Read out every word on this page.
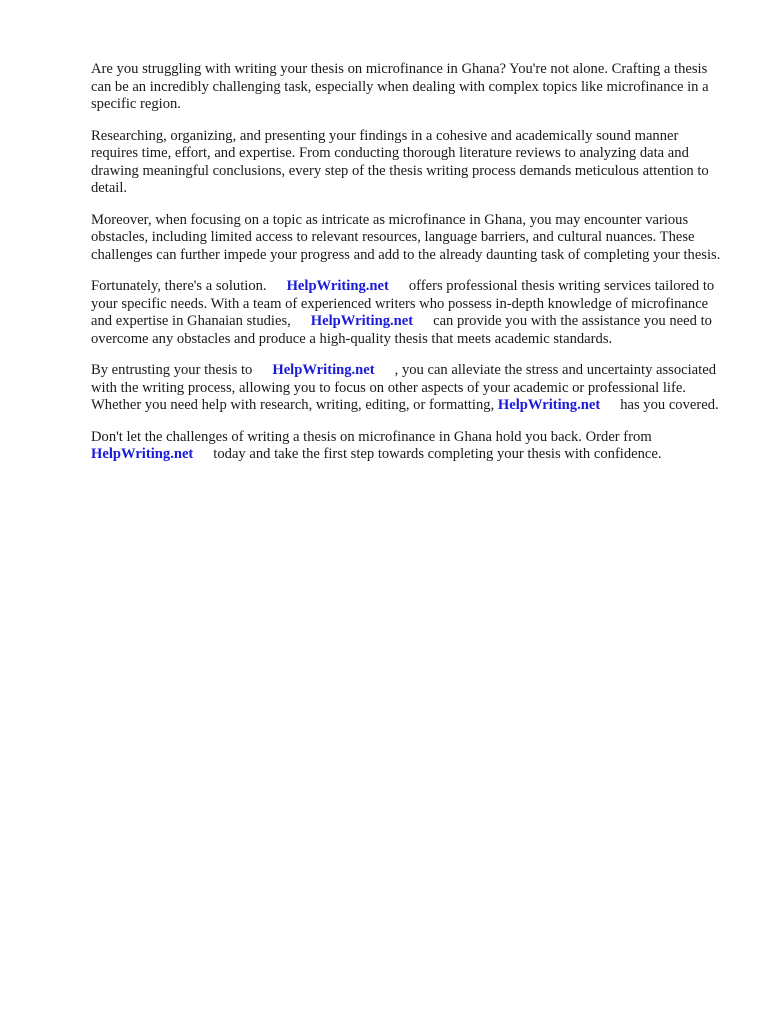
Are you struggling with writing your thesis on microfinance in Ghana? You're not alone. Crafting a thesis can be an incredibly challenging task, especially when dealing with complex topics like microfinance in a specific region.

Researching, organizing, and presenting your findings in a cohesive and academically sound manner requires time, effort, and expertise. From conducting thorough literature reviews to analyzing data and drawing meaningful conclusions, every step of the thesis writing process demands meticulous attention to detail.

Moreover, when focusing on a topic as intricate as microfinance in Ghana, you may encounter various obstacles, including limited access to relevant resources, language barriers, and cultural nuances. These challenges can further impede your progress and add to the already daunting task of completing your thesis.

Fortunately, there's a solution. HelpWriting.net offers professional thesis writing services tailored to your specific needs. With a team of experienced writers who possess in-depth knowledge of microfinance and expertise in Ghanaian studies, HelpWriting.net can provide you with the assistance you need to overcome any obstacles and produce a high-quality thesis that meets academic standards.

By entrusting your thesis to HelpWriting.net , you can alleviate the stress and uncertainty associated with the writing process, allowing you to focus on other aspects of your academic or professional life. Whether you need help with research, writing, editing, or formatting, HelpWriting.net has you covered.

Don't let the challenges of writing a thesis on microfinance in Ghana hold you back. Order from HelpWriting.net today and take the first step towards completing your thesis with confidence.
